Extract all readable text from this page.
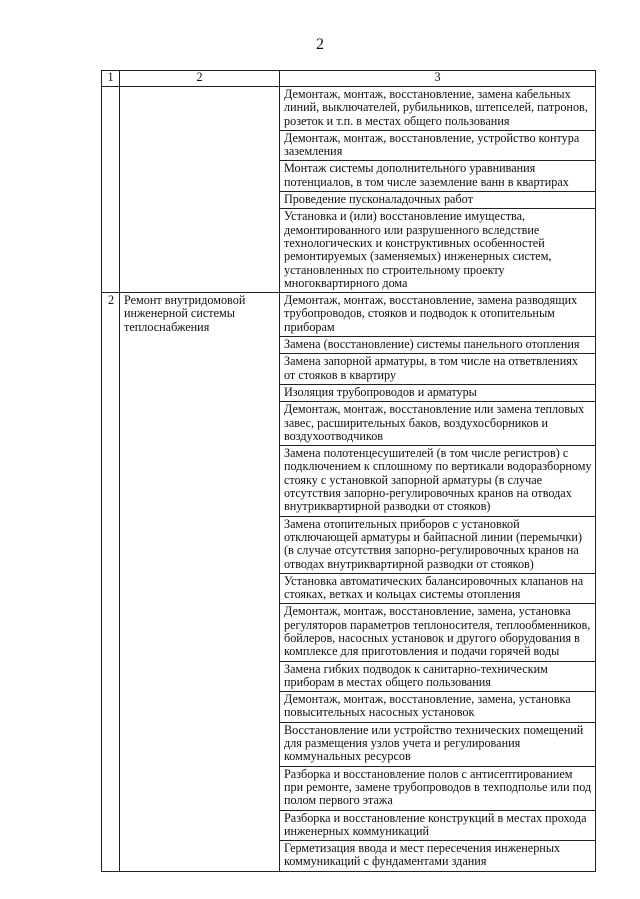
2
1	2	3
		Демонтаж, монтаж, восстановление, замена кабельных линий, выключателей, рубильников, штепселей, патронов, розеток и т.п. в местах общего пользования
		Демонтаж, монтаж, восстановление, устройство контура заземления
		Монтаж системы дополнительного уравнивания потенциалов, в том числе заземление ванн в квартирах
		Проведение пусконаладочных работ
		Установка и (или) восстановление имущества, демонтированного или разрушенного вследствие технологических и конструктивных особенностей ремонтируемых (заменяемых) инженерных систем, установленных по строительному проекту многоквартирного дома
2	Ремонт внутридомовой инженерной системы теплоснабжения	Демонтаж, монтаж, восстановление, замена разводящих трубопроводов, стояков и подводок к отопительным приборам
		Замена (восстановление) системы панельного отопления
		Замена запорной арматуры, в том числе на ответвлениях от стояков в квартиру
		Изоляция трубопроводов и арматуры
		Демонтаж, монтаж, восстановление или замена тепловых завес, расширительных баков, воздухосборников и воздухоотводчиков
		Замена полотенцесушителей (в том числе регистров) с подключением к сплошному по вертикали водоразборному стояку с установкой запорной арматуры (в случае отсутствия запорно-регулировочных кранов на отводах внутриквартирной разводки от стояков)
		Замена отопительных приборов с установкой отключающей арматуры и байпасной линии (перемычки) (в случае отсутствия запорно-регулировочных кранов на отводах внутриквартирной разводки от стояков)
		Установка автоматических балансировочных клапанов на стояках, ветках и кольцах системы отопления
		Демонтаж, монтаж, восстановление, замена, установка регуляторов параметров теплоносителя, теплообменников, бойлеров, насосных установок и другого оборудования в комплексе для приготовления и подачи горячей воды
		Замена гибких подводок к санитарно-техническим приборам в местах общего пользования
		Демонтаж, монтаж, восстановление, замена, установка повысительных насосных установок
		Восстановление или устройство технических помещений для размещения узлов учета и регулирования коммунальных ресурсов
		Разборка и восстановление полов с антисептированием при ремонте, замене трубопроводов в техподполье или под полом первого этажа
		Разборка и восстановление конструкций в местах прохода инженерных коммуникаций
		Герметизация ввода и мест пересечения инженерных коммуникаций с фундаментами здания
